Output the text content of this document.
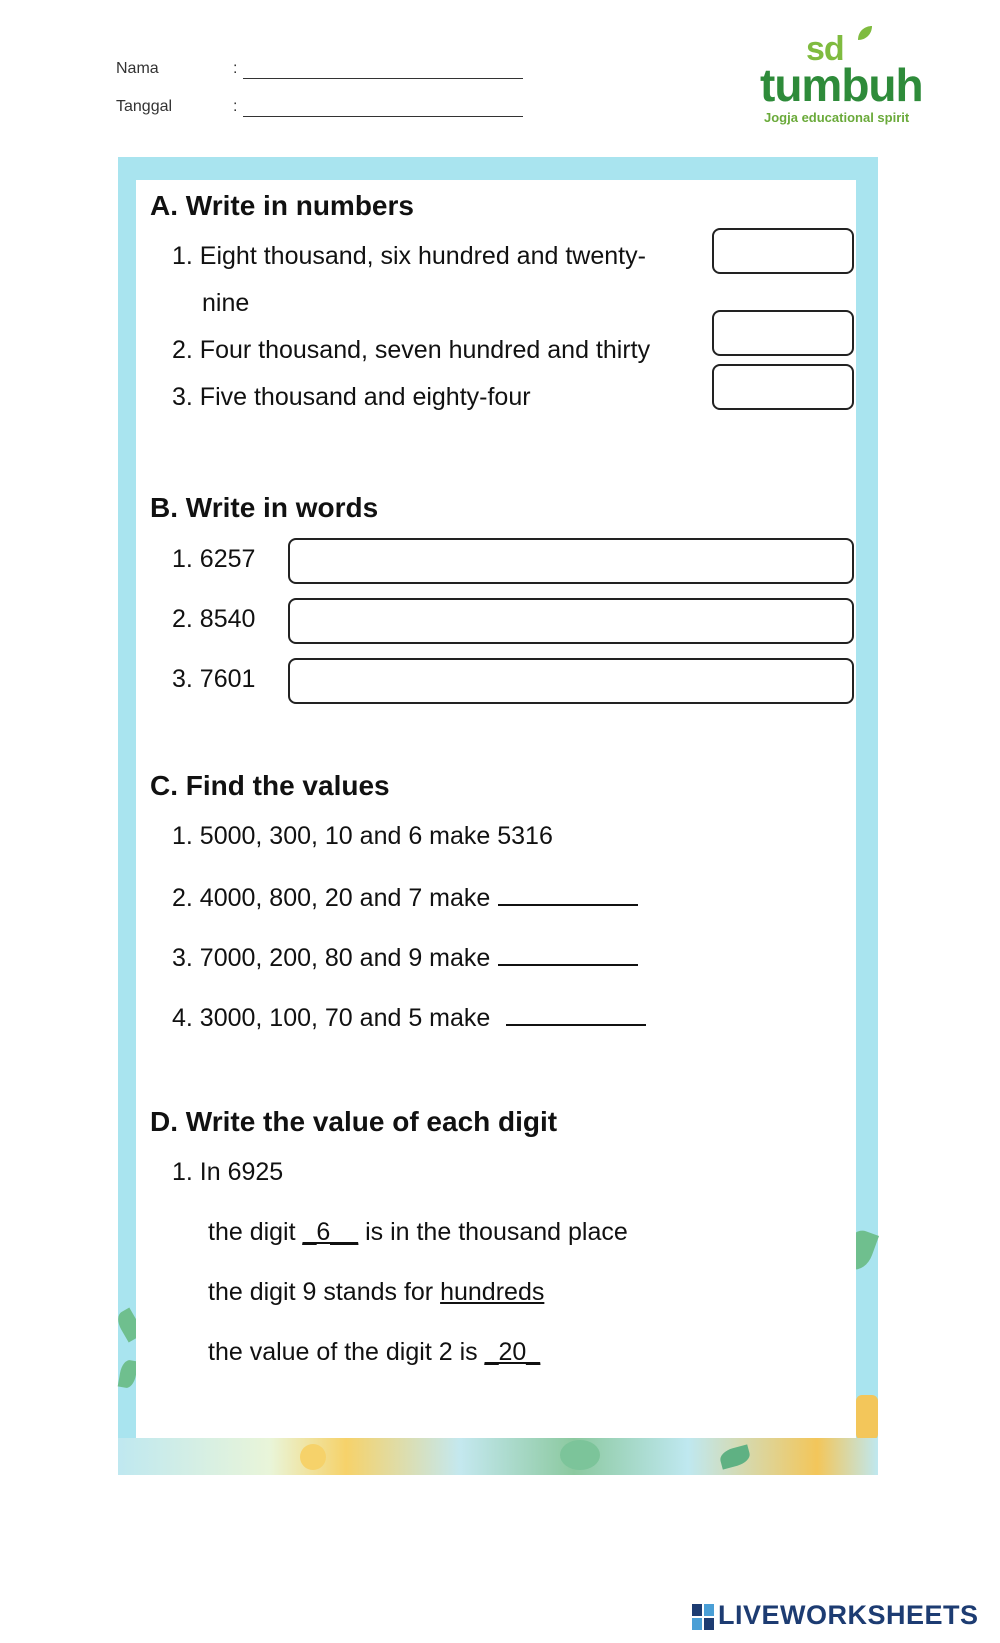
Nama	:
Tanggal	:
sd
tumbuh
Jogja educational spirit
A. Write in numbers
1. Eight thousand, six hundred and twenty-
nine
2. Four thousand, seven hundred and thirty
3. Five thousand and eighty-four
B. Write in words
1. 6257
2. 8540
3. 7601
C. Find the values
1. 5000, 300, 10 and 6 make 5316
2. 4000, 800, 20 and 7 make
3. 7000, 200, 80 and 9 make
4. 3000, 100, 70 and 5 make
D. Write the value of each digit
1. In 6925
the digit _6__ is in the thousand place
the digit 9 stands for hundreds
the value of the digit 2 is _20_
LIVEWORKSHEETS
